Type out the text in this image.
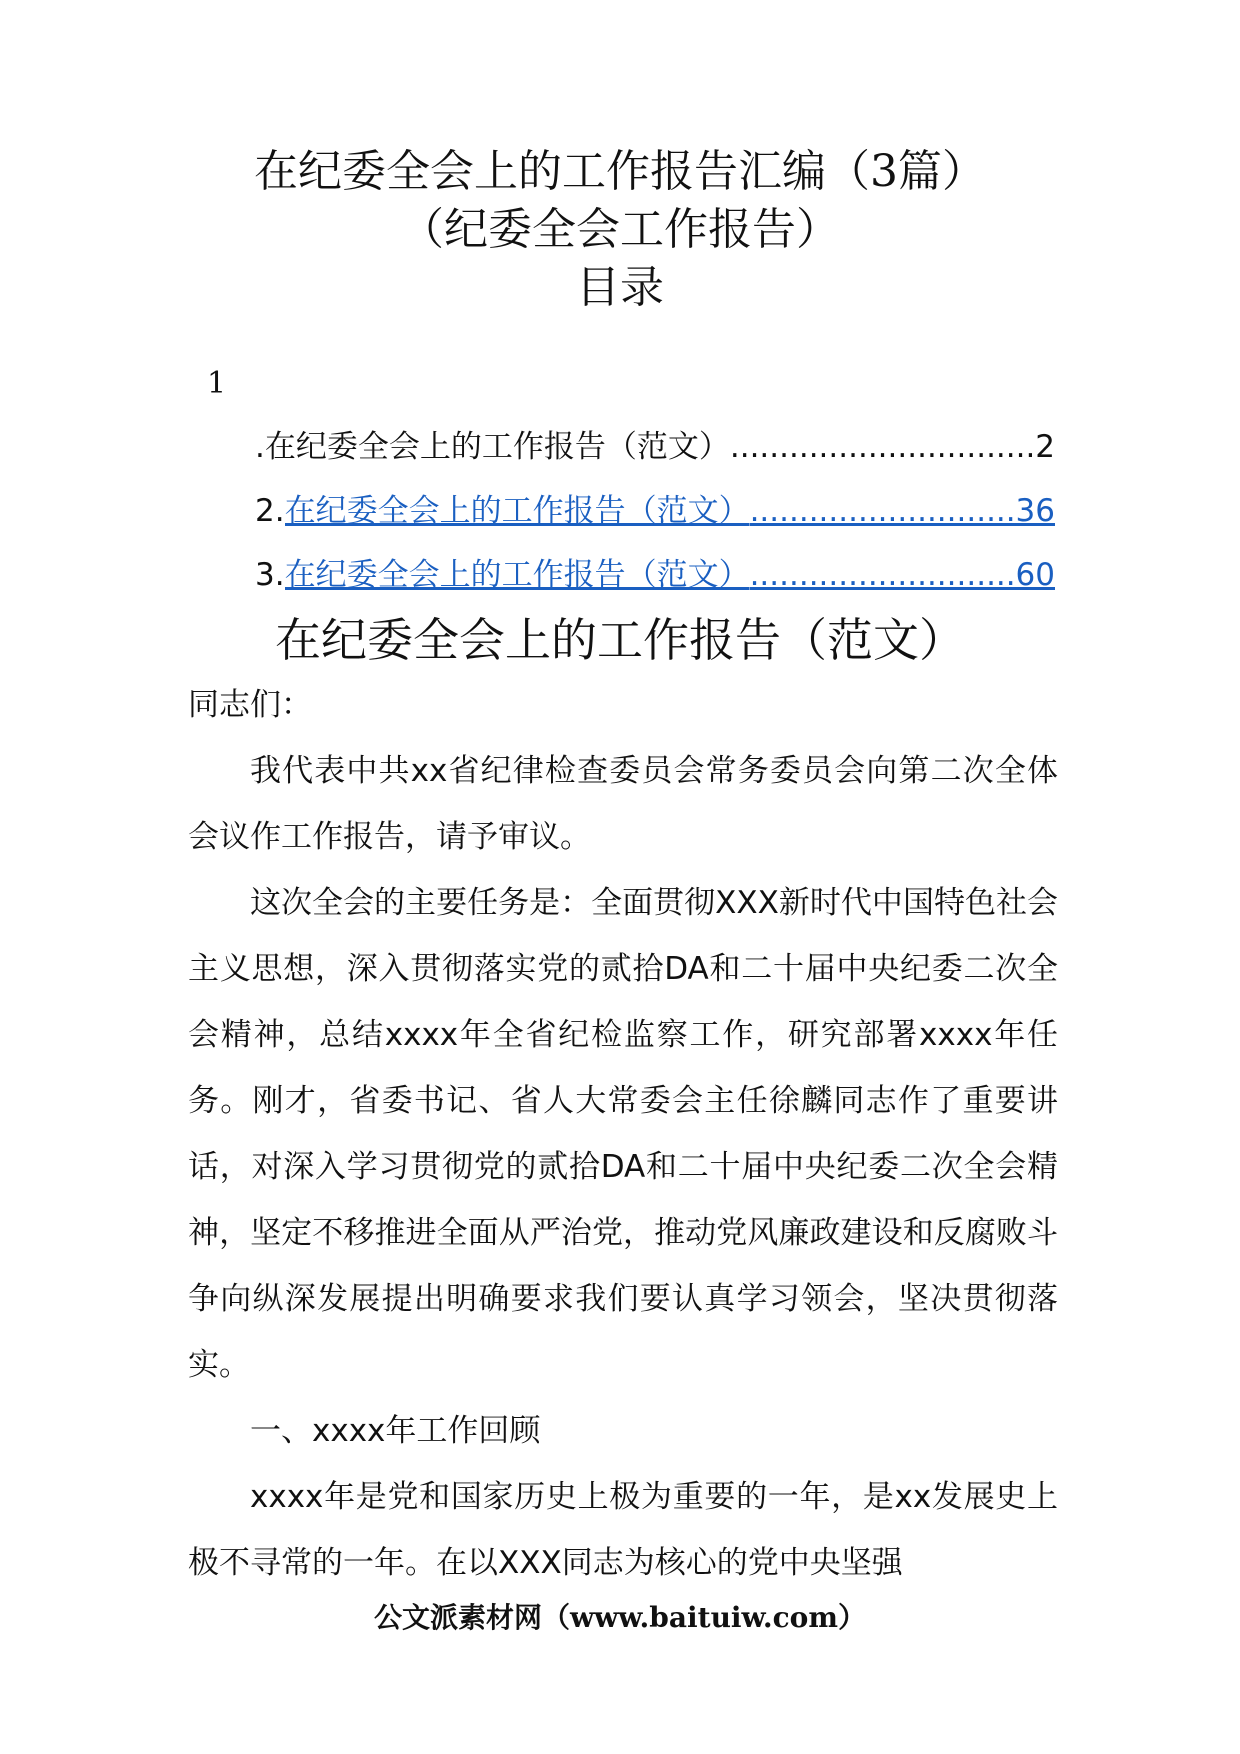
在纪委全会上的工作报告汇编（3篇）
（纪委全会工作报告）
目录
1
.在纪委全会上的工作报告（范文） .....	2
2. 在纪委全会上的工作报告（范文） .....	36
3. 在纪委全会上的工作报告（范文） .....	60
在纪委全会上的工作报告（范文）

同志们：

我代表中共xx省纪律检查委员会常务委员会向第二次全体会议作工作报告，请予审议。

这次全会的主要任务是：全面贯彻XXX新时代中国特色社会主义思想，深入贯彻落实党的贰拾DA和二十届中央纪委二次全会精神，总结xxxx年全省纪检监察工作，研究部署xxxx年任务。刚才，省委书记、省人大常委会主任徐麟同志作了重要讲话，对深入学习贯彻党的贰拾DA和二十届中央纪委二次全会精神，坚定不移推进全面从严治党，推动党风廉政建设和反腐败斗争向纵深发展提出明确要求我们要认真学习领会，坚决贯彻落实。

一、xxxx年工作回顾

xxxx年是党和国家历史上极为重要的一年，是xx发展史上极不寻常的一年。在以XXX同志为核心的党中央坚强

公文派素材网（www.baituiw.com）
